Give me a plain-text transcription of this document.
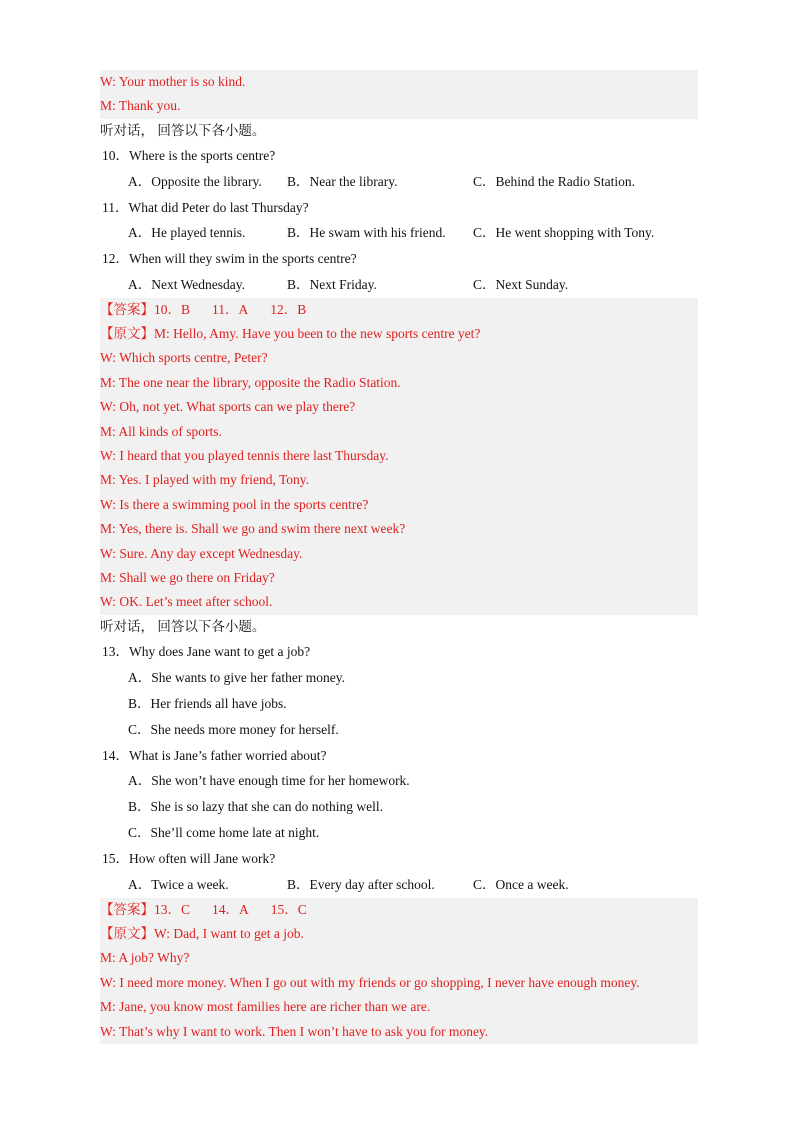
W: Your mother is so kind.
M: Thank you.
听对话， 回答以下各小题。
10．Where is the sports centre?
A．Opposite the library. B．Near the library.	C．Behind the Radio Station.
11．What did Peter do last Thursday?
A．He played tennis.	B．He swam with his friend. C．He went shopping with Tony.
12．When will they swim in the sports centre?
A．Next Wednesday.	B．Next Friday.	C．Next Sunday.
【答案】10．B 11．A 12．B
【原文】M: Hello, Amy. Have you been to the new sports centre yet?
W: Which sports centre, Peter?
M: The one near the library, opposite the Radio Station.
W: Oh, not yet. What sports can we play there?
M: All kinds of sports.
W: I heard that you played tennis there last Thursday.
M: Yes. I played with my friend, Tony.
W: Is there a swimming pool in the sports centre?
M: Yes, there is. Shall we go and swim there next week?
W: Sure. Any day except Wednesday.
M: Shall we go there on Friday?
W: OK. Let’s meet after school.
听对话， 回答以下各小题。
13．Why does Jane want to get a job?
A．She wants to give her father money.
B．Her friends all have jobs.
C．She needs more money for herself.
14．What is Jane’s father worried about?
A．She won’t have enough time for her homework.
B．She is so lazy that she can do nothing well.
C．She’ll come home late at night.
15．How often will Jane work?
A．Twice a week.	B．Every day after school.	C．Once a week.
【答案】13．C 14．A 15．C
【原文】W: Dad, I want to get a job.
M: A job? Why?
W: I need more money. When I go out with my friends or go shopping, I never have enough money.
M: Jane, you know most families here are richer than we are.
W: That’s why I want to work. Then I won’t have to ask you for money.
